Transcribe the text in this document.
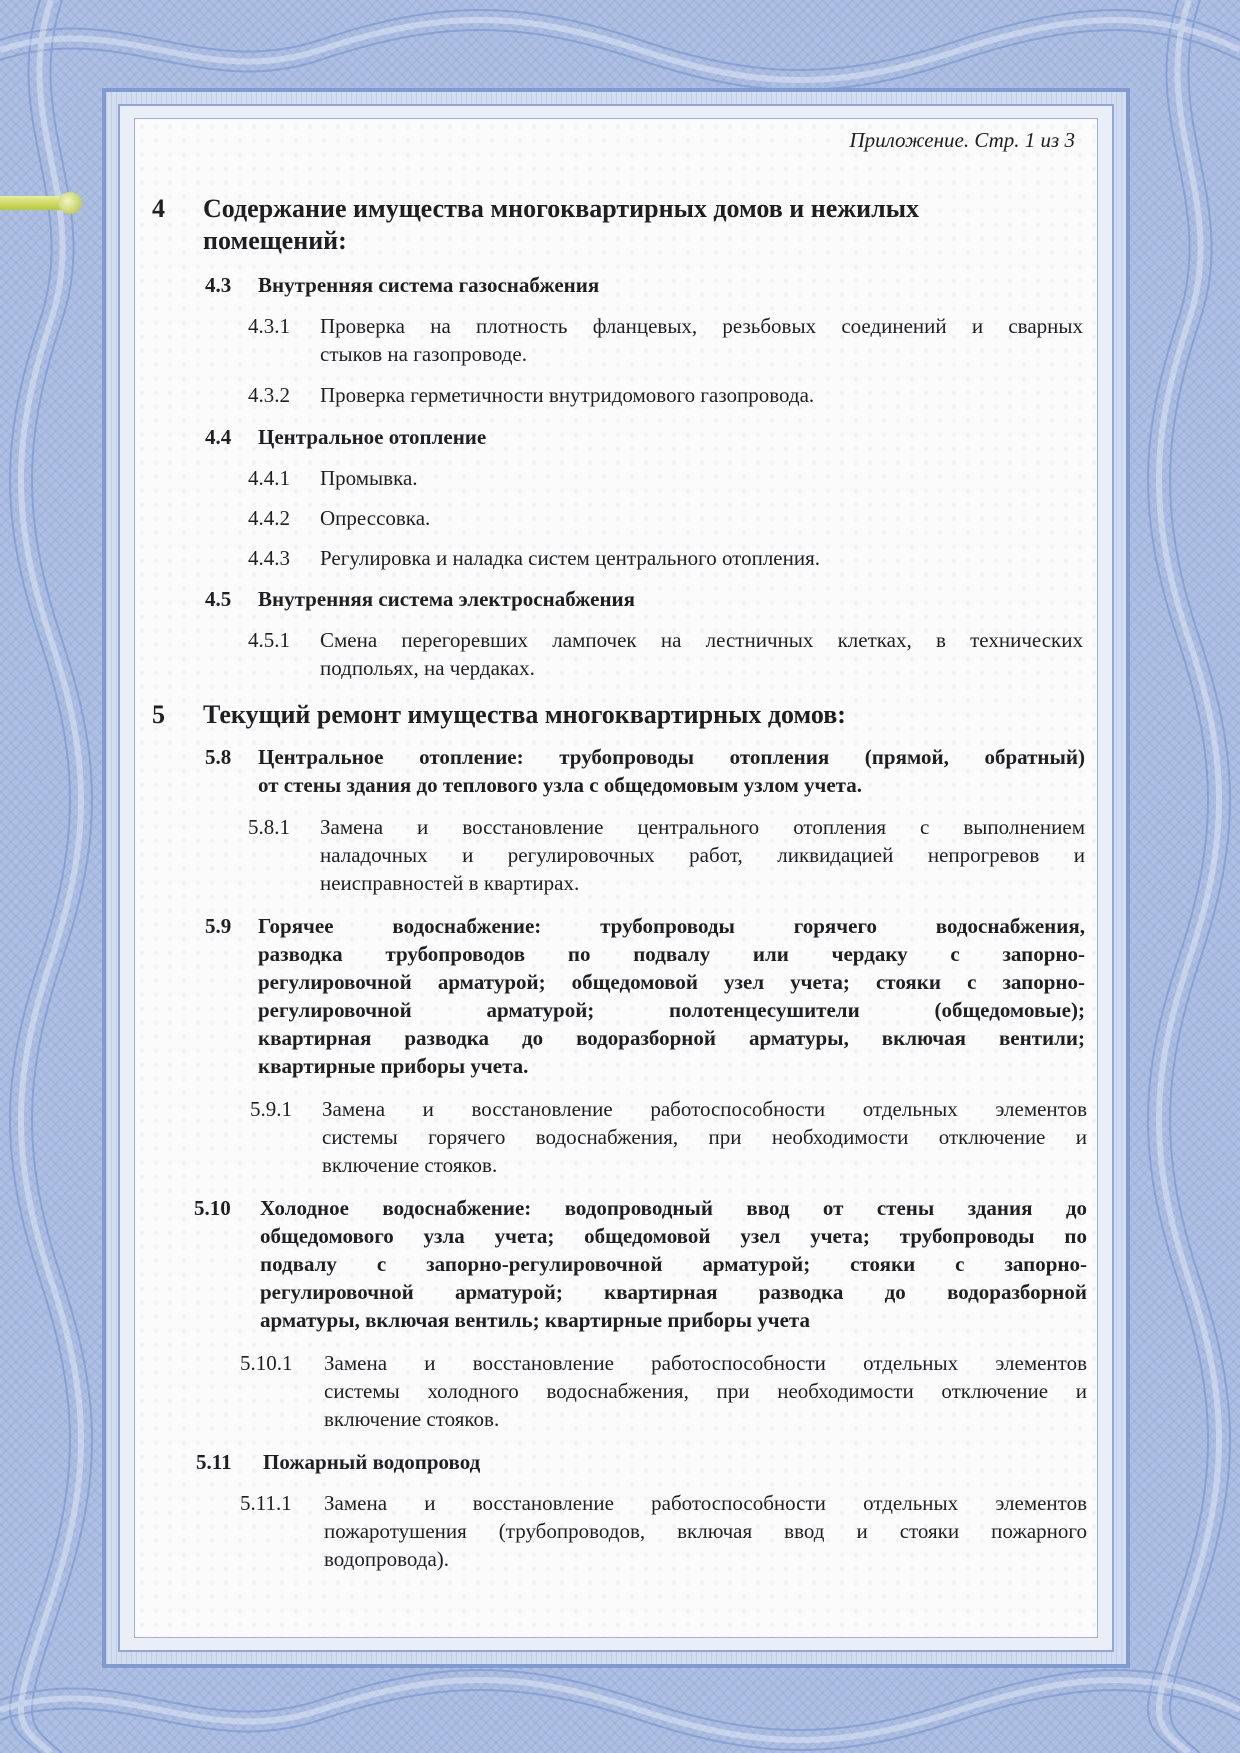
Приложение. Стр. 1 из 3
4 Содержание имущества многоквартирных домов и нежилых
помещений:
4.3 Внутренняя система газоснабжения
4.3.1 Проверка на плотность фланцевых, резьбовых соединений и сварных
стыков на газопроводе.
4.3.2 Проверка герметичности внутридомового газопровода.
4.4 Центральное отопление
4.4.1 Промывка.
4.4.2 Опрессовка.
4.4.3 Регулировка и наладка систем центрального отопления.
4.5 Внутренняя система электроснабжения
4.5.1 Смена перегоревших лампочек на лестничных клетках, в технических
подпольях, на чердаках.
5 Текущий ремонт имущества многоквартирных домов:
5.8 Центральное отопление: трубопроводы отопления (прямой, обратный)
от стены здания до теплового узла с общедомовым узлом учета.
5.8.1 Замена и восстановление центрального отопления с выполнением
наладочных и регулировочных работ, ликвидацией непрогревов и
неисправностей в квартирах.
5.9 Горячее водоснабжение: трубопроводы горячего водоснабжения,
разводка трубопроводов по подвалу или чердаку с запорно-
регулировочной арматурой; общедомовой узел учета; стояки с запорно-
регулировочной арматурой; полотенцесушители (общедомовые);
квартирная разводка до водоразборной арматуры, включая вентили;
квартирные приборы учета.
5.9.1 Замена и восстановление работоспособности отдельных элементов
системы горячего водоснабжения, при необходимости отключение и
включение стояков.
5.10 Холодное водоснабжение: водопроводный ввод от стены здания до
общедомового узла учета; общедомовой узел учета; трубопроводы по
подвалу с запорно-регулировочной арматурой; стояки с запорно-
регулировочной арматурой; квартирная разводка до водоразборной
арматуры, включая вентиль; квартирные приборы учета
5.10.1 Замена и восстановление работоспособности отдельных элементов
системы холодного водоснабжения, при необходимости отключение и
включение стояков.
5.11 Пожарный водопровод
5.11.1 Замена и восстановление работоспособности отдельных элементов
пожаротушения (трубопроводов, включая ввод и стояки пожарного
водопровода).
